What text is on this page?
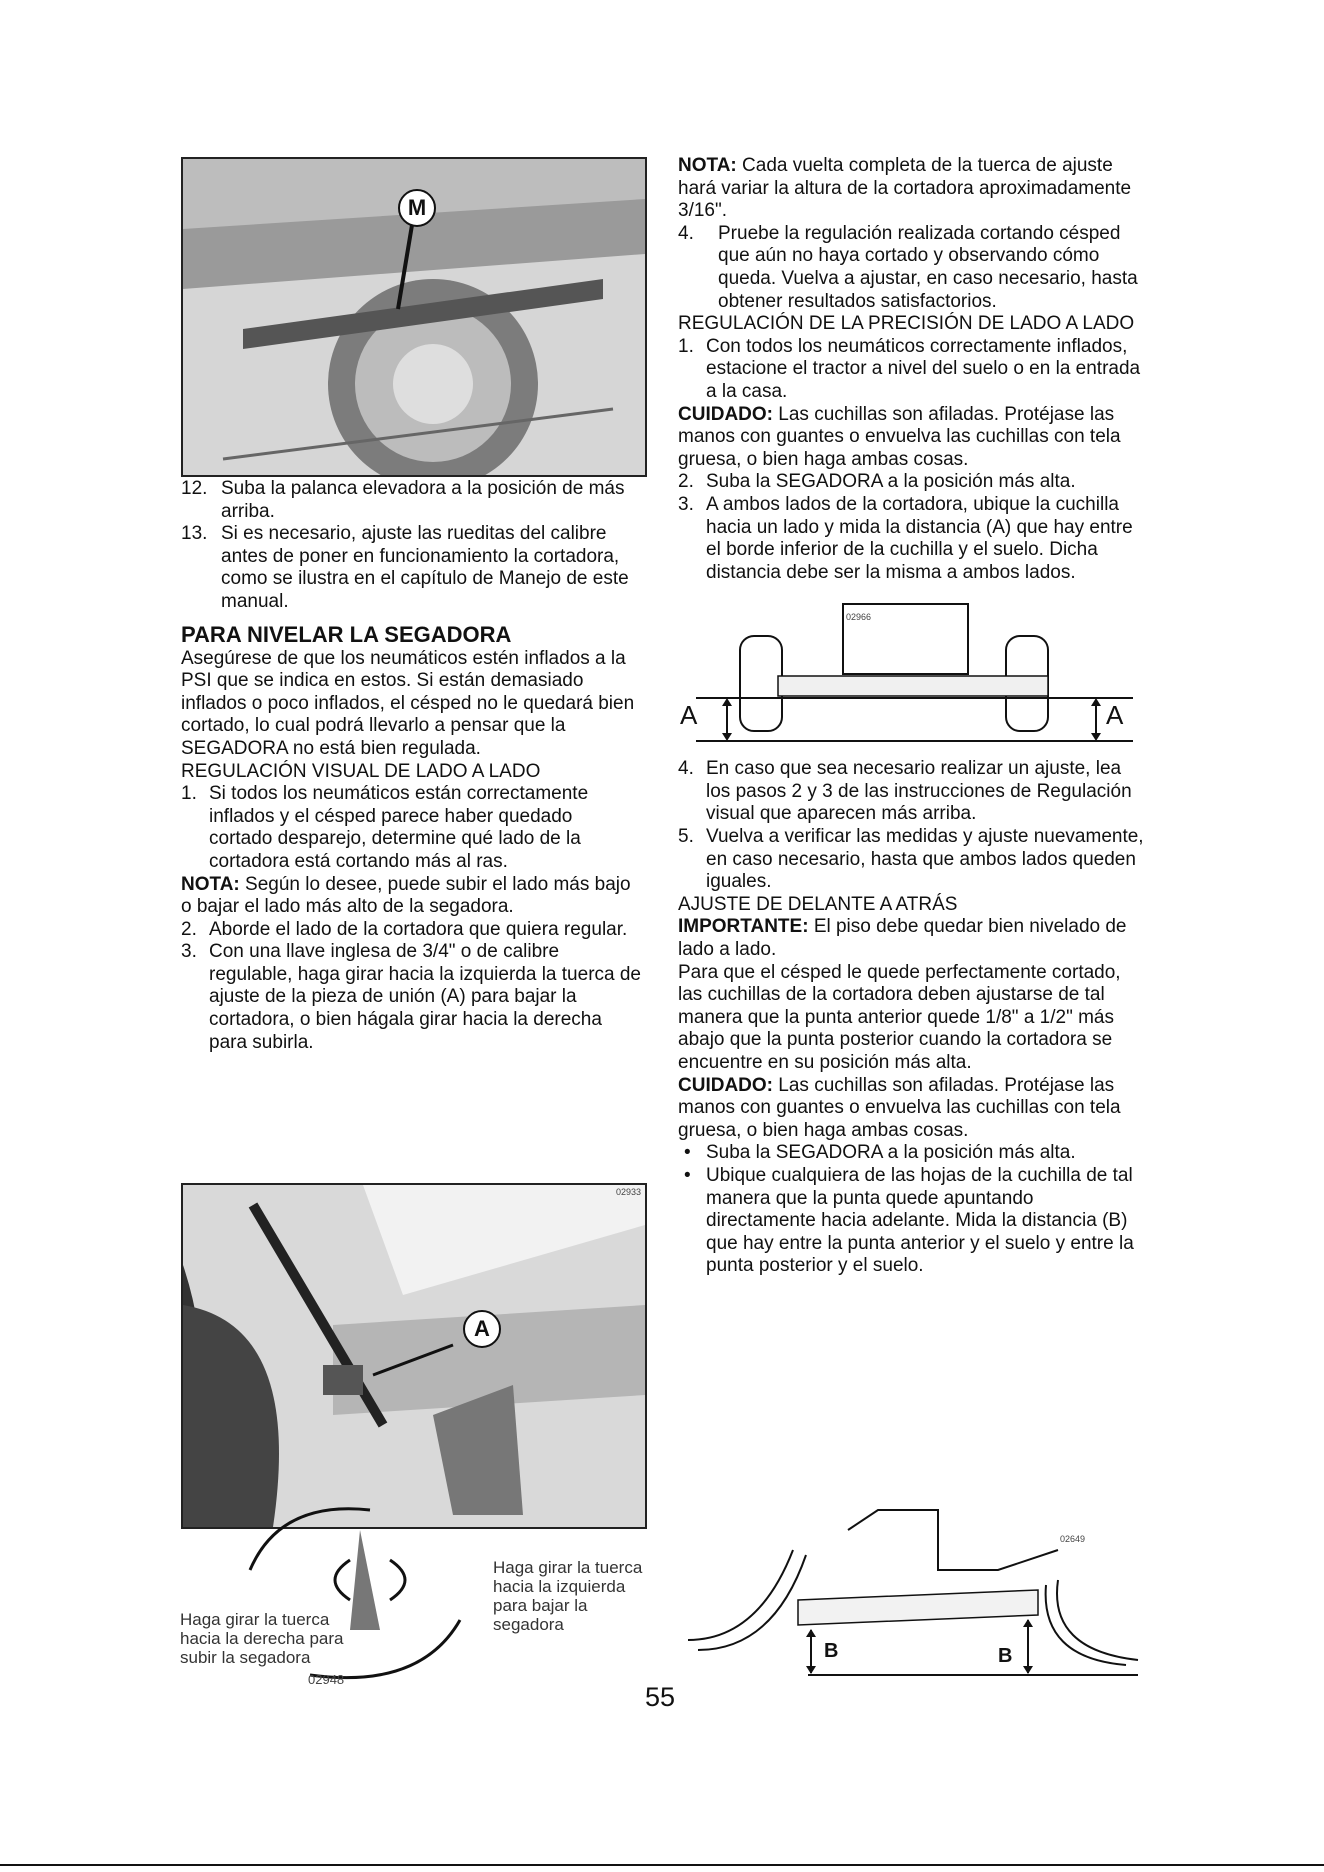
M
12. Suba la palanca elevadora a la posición de más arriba.
13. Si es necesario, ajuste las rueditas del calibre antes de poner en funcionamiento la cortadora, como se ilustra en el capítulo de Manejo de este manual.
PARA NIVELAR LA SEGADORA
Asegúrese de que los neumáticos estén inflados a la PSI que se indica en estos. Si están demasiado inflados o poco inflados, el césped no le quedará bien cortado, lo cual podrá llevarlo a pensar que la SEGADORA no está bien regulada.
REGULACIÓN VISUAL DE LADO A LADO
1. Si todos los neumáticos están correctamente inflados y el césped parece haber quedado cortado desparejo, determine qué lado de la cortadora está cortando más al ras.
NOTA: Según lo desee, puede subir el lado más bajo o bajar el lado más alto de la segadora.
2. Aborde el lado de la cortadora que quiera regular.
3. Con una llave inglesa de 3/4" o de calibre regulable, haga girar hacia la izquierda la tuerca de ajuste de la pieza de unión (A) para bajar la cortadora, o bien hágala girar hacia la derecha para subirla.
02933
A
Haga girar la tuerca hacia la derecha para subir la segadora
Haga girar la tuerca hacia la izquierda para bajar la segadora
02948
NOTA: Cada vuelta completa de la tuerca de ajuste hará variar la altura de la cortadora aproximadamente 3/16".
4. Pruebe la regulación realizada cortando césped que aún no haya cortado y observando cómo queda. Vuelva a ajustar, en caso necesario, hasta obtener resultados satisfactorios.
REGULACIÓN DE LA PRECISIÓN DE LADO A LADO
1. Con todos los neumáticos correctamente inflados, estacione el tractor a nivel del suelo o en la entrada a la casa.
CUIDADO: Las cuchillas son afiladas. Protéjase las manos con guantes o envuelva las cuchillas con tela gruesa, o bien haga ambas cosas.
2. Suba la SEGADORA a la posición más alta.
3. A ambos lados de la cortadora, ubique la cuchilla hacia un lado y mida la distancia (A) que hay entre el borde inferior de la cuchilla y el suelo. Dicha distancia debe ser la misma a ambos lados.
02966
A	A
4. En caso que sea necesario realizar un ajuste, lea los pasos 2 y 3 de las instrucciones de Regulación visual que aparecen más arriba.
5. Vuelva a verificar las medidas y ajuste nuevamente, en caso necesario, hasta que ambos lados queden iguales.
AJUSTE DE DELANTE A ATRÁS
IMPORTANTE: El piso debe quedar bien nivelado de lado a lado.
Para que el césped le quede perfectamente cortado, las cuchillas de la cortadora deben ajustarse de tal manera que la punta anterior quede 1/8" a 1/2" más abajo que la punta posterior cuando la cortadora se encuentre en su posición más alta.
CUIDADO: Las cuchillas son afiladas. Protéjase las manos con guantes o envuelva las cuchillas con tela gruesa, o bien haga ambas cosas.
• Suba la SEGADORA a la posición más alta.
• Ubique cualquiera de las hojas de la cuchilla de tal manera que la punta quede apuntando directamente hacia adelante. Mida la distancia (B) que hay entre la punta anterior y el suelo y entre la punta posterior y el suelo.
02649
B	B
55
